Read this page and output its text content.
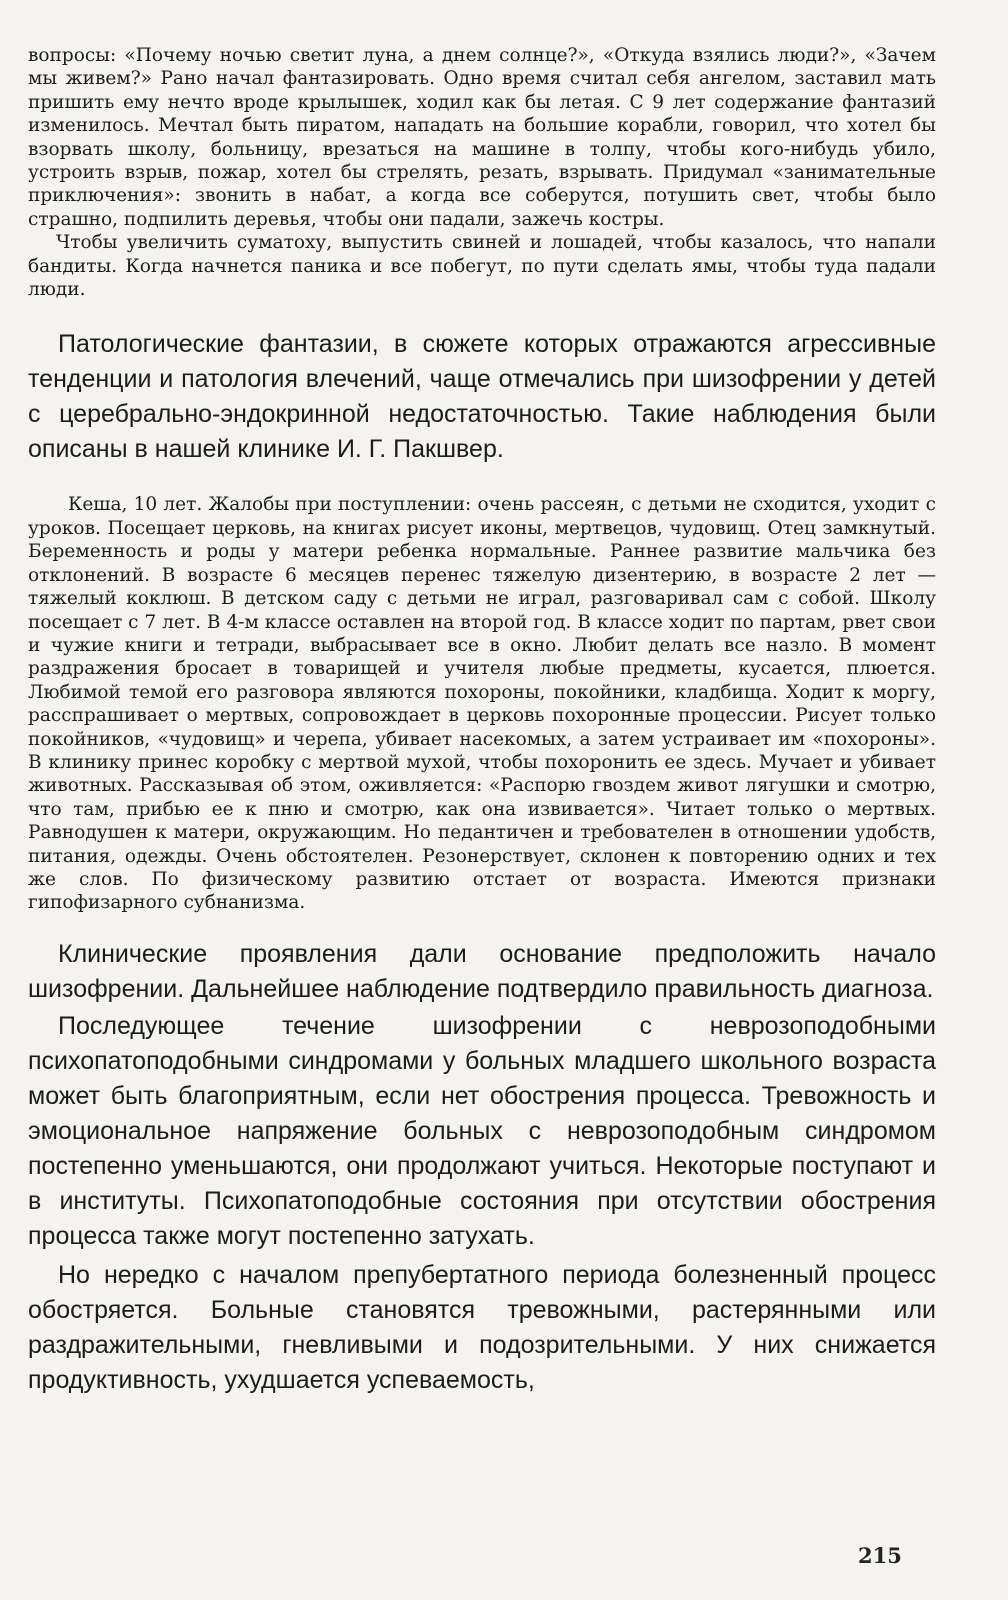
вопросы: «Почему ночью светит луна, а днем солнце?», «Откуда взялись люди?», «Зачем мы живем?» Рано начал фантазировать. Одно время считал себя ангелом, заставил мать пришить ему нечто вроде крылышек, ходил как бы летая. С 9 лет содержание фантазий изменилось. Мечтал быть пиратом, нападать на большие корабли, говорил, что хотел бы взорвать школу, больницу, врезаться на машине в толпу, чтобы кого-нибудь убило, устроить взрыв, пожар, хотел бы стрелять, резать, взрывать. Придумал «занимательные приключения»: звонить в набат, а когда все соберутся, потушить свет, чтобы было страшно, подпилить деревья, чтобы они падали, зажечь костры.

Чтобы увеличить суматоху, выпустить свиней и лошадей, чтобы казалось, что напали бандиты. Когда начнется паника и все побегут, по пути сделать ямы, чтобы туда падали люди.

Патологические фантазии, в сюжете которых отражаются агрессивные тенденции и патология влечений, чаще отмечались при шизофрении у детей с церебрально-эндокринной недостаточностью. Такие наблюдения были описаны в нашей клинике И. Г. Пакшвер.

Кеша, 10 лет. Жалобы при поступлении: очень рассеян, с детьми не сходится, уходит с уроков. Посещает церковь, на книгах рисует иконы, мертвецов, чудовищ. Отец замкнутый. Беременность и роды у матери ребенка нормальные. Раннее развитие мальчика без отклонений. В возрасте 6 месяцев перенес тяжелую дизентерию, в возрасте 2 лет — тяжелый коклюш. В детском саду с детьми не играл, разговаривал сам с собой. Школу посещает с 7 лет. В 4-м классе оставлен на второй год. В классе ходит по партам, рвет свои и чужие книги и тетради, выбрасывает все в окно. Любит делать все назло. В момент раздражения бросает в товарищей и учителя любые предметы, кусается, плюется. Любимой темой его разговора являются похороны, покойники, кладбища. Ходит к моргу, расспрашивает о мертвых, сопровождает в церковь похоронные процессии. Рисует только покойников, «чудовищ» и черепа, убивает насекомых, а затем устраивает им «похороны». В клинику принес коробку с мертвой мухой, чтобы похоронить ее здесь. Мучает и убивает животных. Рассказывая об этом, оживляется: «Распорю гвоздем живот лягушки и смотрю, что там, прибью ее к пню и смотрю, как она извивается». Читает только о мертвых. Равнодушен к матери, окружающим. Но педантичен и требователен в отношении удобств, питания, одежды. Очень обстоятелен. Резонерствует, склонен к повторению одних и тех же слов. По физическому развитию отстает от возраста. Имеются признаки гипофизарного субнанизма.

Клинические проявления дали основание предположить начало шизофрении. Дальнейшее наблюдение подтвердило правильность диагноза.

Последующее течение шизофрении с неврозоподобными психопатоподобными синдромами у больных младшего школьного возраста может быть благоприятным, если нет обострения процесса. Тревожность и эмоциональное напряжение больных с неврозоподобным синдромом постепенно уменьшаются, они продолжают учиться. Некоторые поступают и в институты. Психопатоподобные состояния при отсутствии обострения процесса также могут постепенно затухать.

Но нередко с началом препубертатного периода болезненный процесс обостряется. Больные становятся тревожными, растерянными или раздражительными, гневливыми и подозрительными. У них снижается продуктивность, ухудшается успеваемость,

215
